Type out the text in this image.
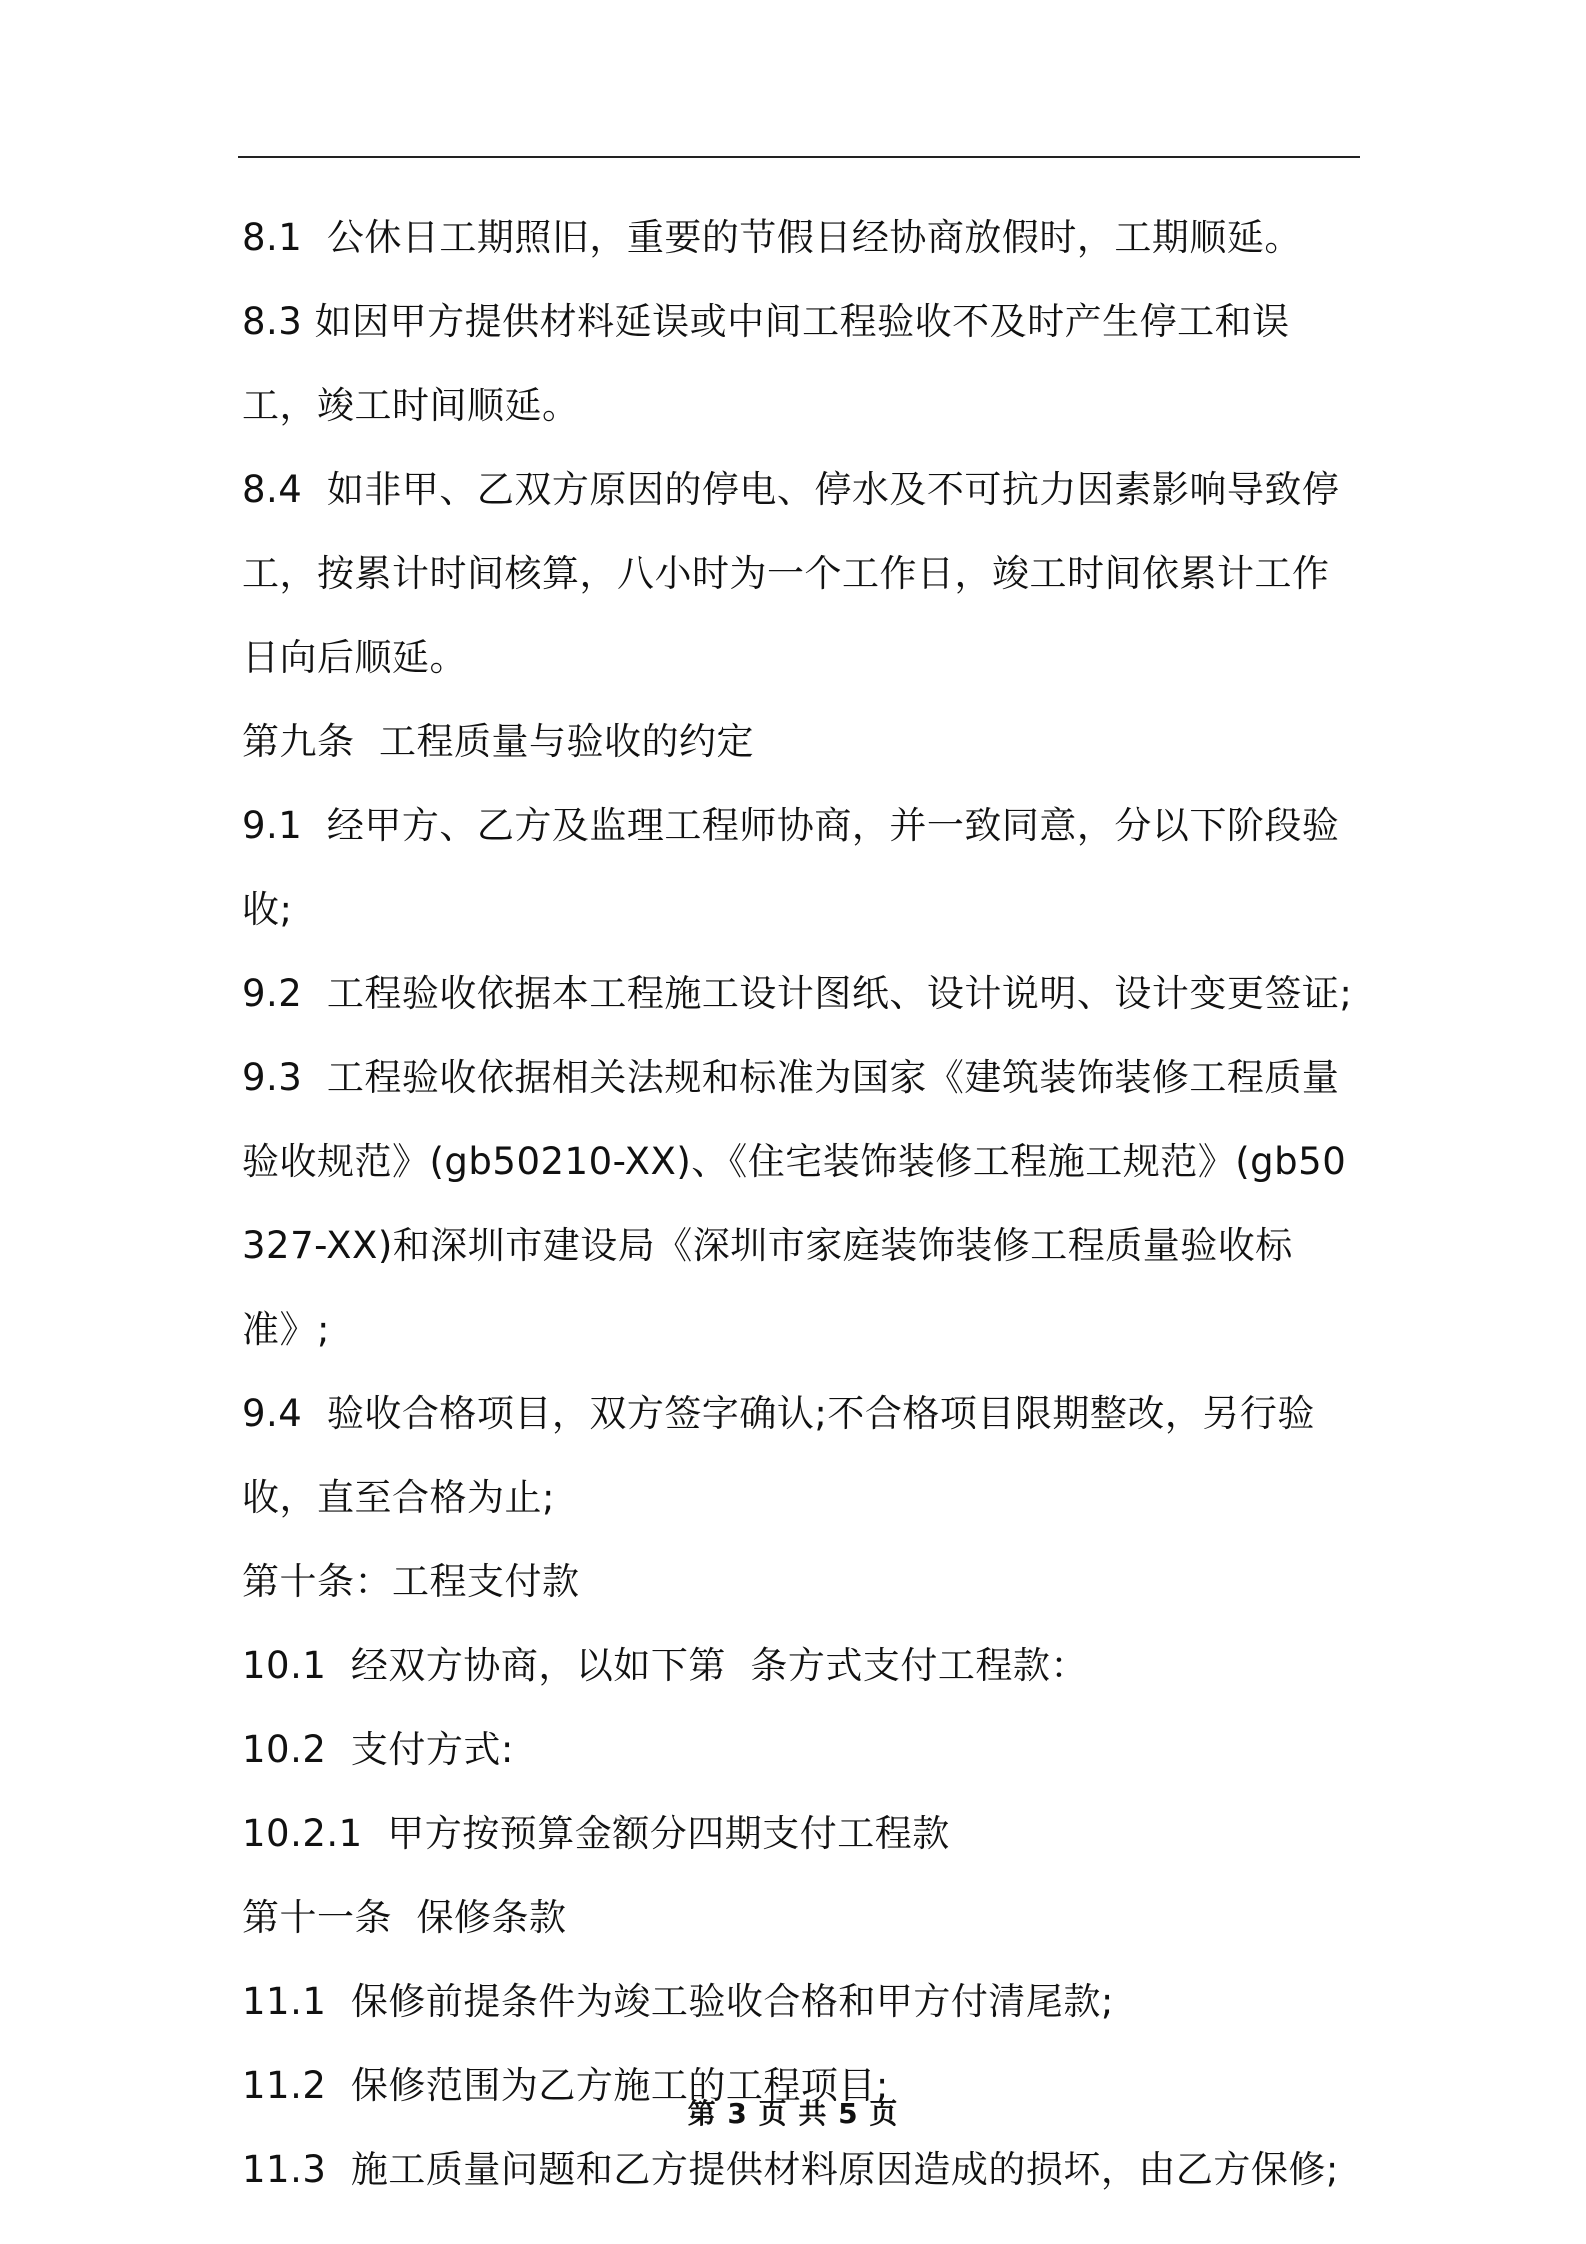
8.1  公休日工期照旧，重要的节假日经协商放假时，工期顺延。

8.3 如因甲方提供材料延误或中间工程验收不及时产生停工和误工，竣工时间顺延。

8.4  如非甲、乙双方原因的停电、停水及不可抗力因素影响导致停工，按累计时间核算，八小时为一个工作日，竣工时间依累计工作日向后顺延。

第九条  工程质量与验收的约定

9.1  经甲方、乙方及监理工程师协商，并一致同意，分以下阶段验收;

9.2  工程验收依据本工程施工设计图纸、设计说明、设计变更签证;

9.3  工程验收依据相关法规和标准为国家《建筑装饰装修工程质量验收规范》(gb50210-XX)、《住宅装饰装修工程施工规范》(gb50327-XX)和深圳市建设局《深圳市家庭装饰装修工程质量验收标准》;

9.4  验收合格项目，双方签字确认;不合格项目限期整改，另行验收，直至合格为止;

第十条：工程支付款

10.1  经双方协商，以如下第  条方式支付工程款：

10.2  支付方式:

10.2.1  甲方按预算金额分四期支付工程款

第十一条  保修条款

11.1  保修前提条件为竣工验收合格和甲方付清尾款;

11.2  保修范围为乙方施工的工程项目;

11.3  施工质量问题和乙方提供材料原因造成的损坏，由乙方保修;

第 3 页 共 5 页
